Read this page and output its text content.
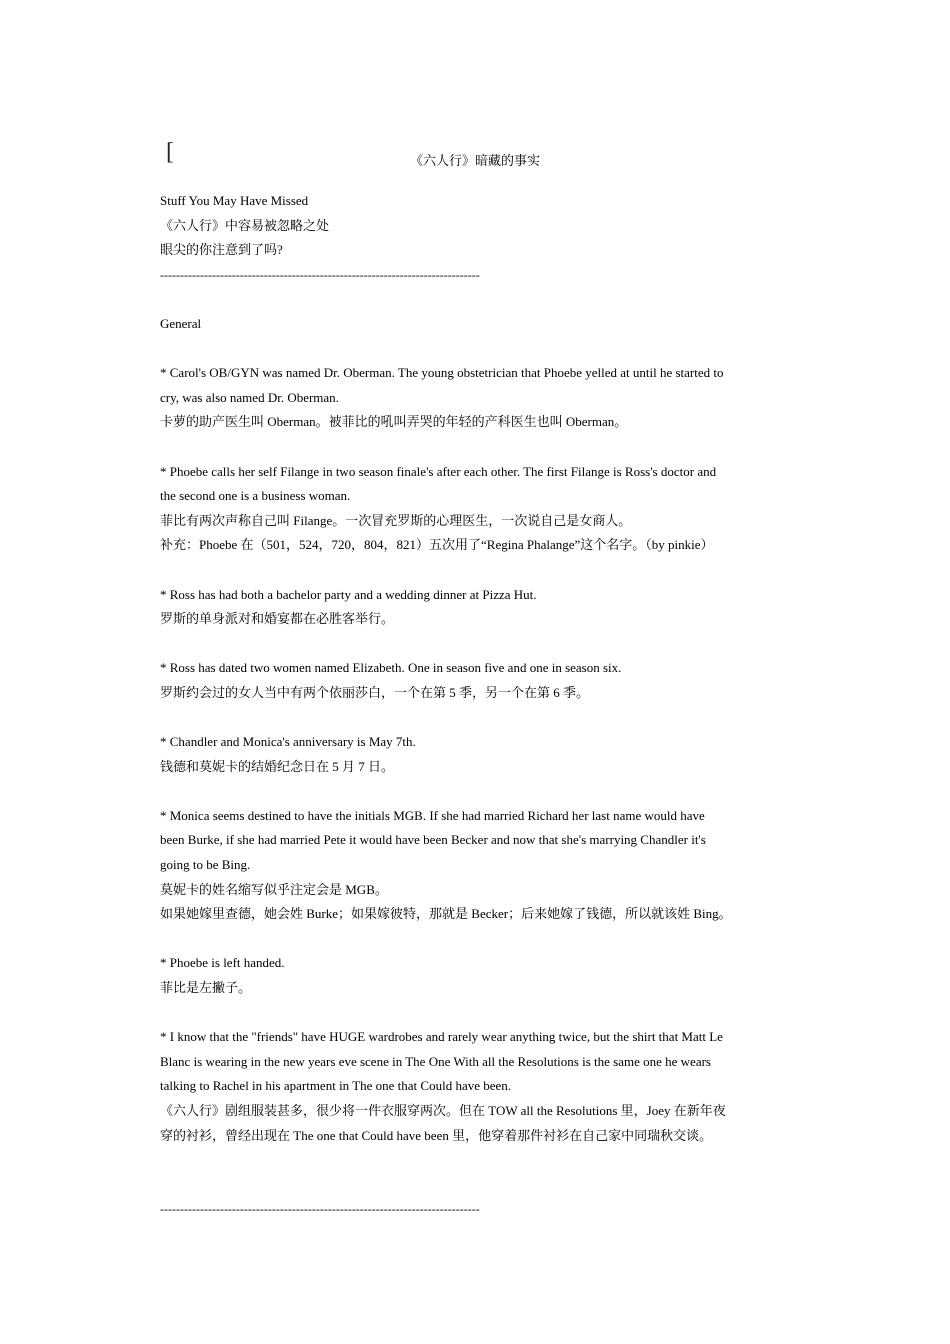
[	《六人行》暗藏的事实
Stuff You May Have Missed
《六人行》中容易被忽略之处
眼尖的你注意到了吗?
--------------------------------------------------------------------------------
General
* Carol's OB/GYN was named Dr. Oberman. The young obstetrician that Phoebe yelled at until he started to
cry, was also named Dr. Oberman.
卡萝的助产医生叫 Oberman。被菲比的吼叫弄哭的年轻的产科医生也叫 Oberman。
* Phoebe calls her self Filange in two season finale's after each other. The first Filange is Ross's doctor and
the second one is a business woman.
菲比有两次声称自己叫 Filange。一次冒充罗斯的心理医生，一次说自己是女商人。
补充：Phoebe 在（501，524，720，804，821）五次用了“Regina Phalange”这个名字。（by pinkie）
* Ross has had both a bachelor party and a wedding dinner at Pizza Hut.
罗斯的单身派对和婚宴都在必胜客举行。
* Ross has dated two women named Elizabeth. One in season five and one in season six.
罗斯约会过的女人当中有两个依丽莎白，一个在第 5 季，另一个在第 6 季。
* Chandler and Monica's anniversary is May 7th.
钱德和莫妮卡的结婚纪念日在 5 月 7 日。
* Monica seems destined to have the initials MGB. If she had married Richard her last name would have
been Burke, if she had married Pete it would have been Becker and now that she's marrying Chandler it's
going to be Bing.
莫妮卡的姓名缩写似乎注定会是 MGB。
如果她嫁里查德，她会姓 Burke；如果嫁彼特，那就是 Becker；后来她嫁了钱德，所以就该姓 Bing。
* Phoebe is left handed.
菲比是左撇子。
* I know that the "friends" have HUGE wardrobes and rarely wear anything twice, but the shirt that Matt Le
Blanc is wearing in the new years eve scene in The One With all the Resolutions is the same one he wears
talking to Rachel in his apartment in The one that Could have been.
《六人行》剧组服装甚多，很少将一件衣服穿两次。但在 TOW all the Resolutions 里，Joey 在新年夜
穿的衬衫，曾经出现在 The one that Could have been 里，他穿着那件衬衫在自己家中同瑞秋交谈。
--------------------------------------------------------------------------------
